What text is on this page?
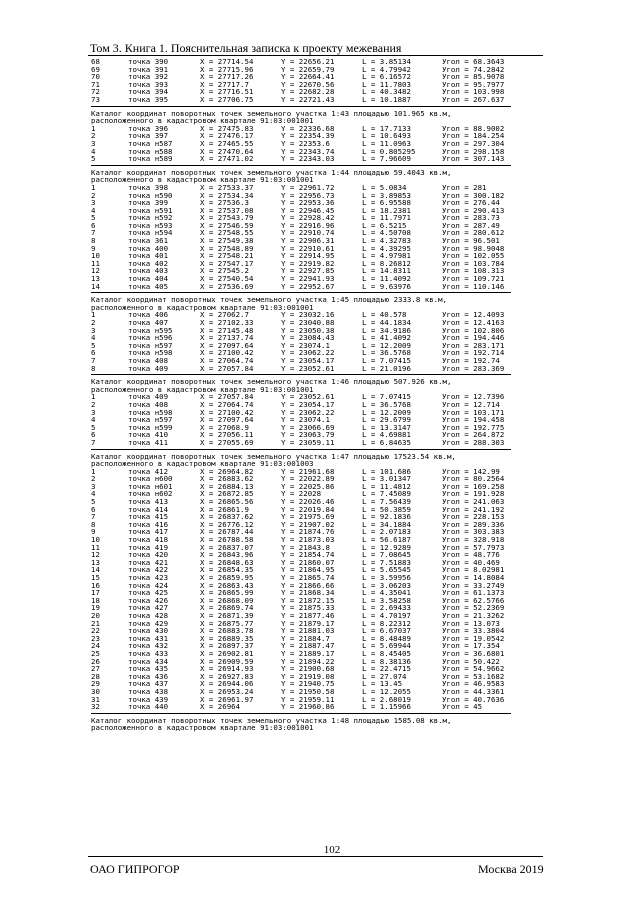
Том 3. Книга 1. Пояснительная записка к проекту межевания
68	точка 390	X = 27714.54	Y = 22656.21	L = 3.85134	Угол = 68.3643
69	точка 391	X = 27715.96	Y = 22659.79	L = 4.79942	Угол = 74.2842
70	точка 392	X = 27717.26	Y = 22664.41	L = 6.16572	Угол = 85.9078
71	точка 393	X = 27717.7	Y = 22670.56	L = 11.7803	Угол = 95.7977
72	точка 394	X = 27716.51	Y = 22682.28	L = 40.3482	Угол = 103.998
73	точка 395	X = 27706.75	Y = 22721.43	L = 10.1887	Угол = 267.637
Каталог координат поворотных точек земельного участка 1:43 площадью 101.965 кв.м,
расположенного в кадастровом квартале 91:03:001001
1	точка 396	X = 27475.83	Y = 22336.68	L = 17.7133	Угол = 88.9002
2	точка 397	X = 27476.17	Y = 22354.39	L = 10.6493	Угол = 184.254
3	точка н587	X = 27465.55	Y = 22353.6	L = 11.0963	Угол = 297.304
4	точка н588	X = 27470.64	Y = 22343.74	L = 0.805295	Угол = 298.158
5	точка н589	X = 27471.02	Y = 22343.03	L = 7.96609	Угол = 307.143
Каталог координат поворотных точек земельного участка 1:44 площадью 59.4043 кв.м,
расположенного в кадастровом квартале 91:03:001001
1	точка 398	X = 27533.37	Y = 22961.72	L = 5.0834	Угол = 281
2	точка н590	X = 27534.34	Y = 22956.73	L = 3.89853	Угол = 300.182
3	точка 399	X = 27536.3	Y = 22953.36	L = 6.95588	Угол = 276.44
4	точка н591	X = 27537.08	Y = 22946.45	L = 18.2381	Угол = 290.413
5	точка н592	X = 27543.79	Y = 22928.42	L = 11.7971	Угол = 283.73
6	точка н593	X = 27546.59	Y = 22916.96	L = 6.5215	Угол = 287.49
7	точка н594	X = 27548.55	Y = 22910.74	L = 4.50708	Угол = 280.612
8	точка 361	X = 27549.38	Y = 22906.31	L = 4.32783	Угол = 96.501
9	точка 400	X = 27548.89	Y = 22910.61	L = 4.39295	Угол = 98.9048
10	точка 401	X = 27548.21	Y = 22914.95	L = 4.97981	Угол = 102.055
11	точка 402	X = 27547.17	Y = 22919.82	L = 8.26812	Угол = 103.784
12	точка 403	X = 27545.2	Y = 22927.85	L = 14.8311	Угол = 108.313
13	точка 404	X = 27540.54	Y = 22941.93	L = 11.4092	Угол = 109.721
14	точка 405	X = 27536.69	Y = 22952.67	L = 9.63976	Угол = 110.146
Каталог координат поворотных точек земельного участка 1:45 площадью 2333.8 кв.м,
расположенного в кадастровом квартале 91:03:001001
1	точка 406	X = 27062.7	Y = 23032.16	L = 40.578	Угол = 12.4093
2	точка 407	X = 27102.33	Y = 23040.88	L = 44.1834	Угол = 12.4163
3	точка н595	X = 27145.48	Y = 23050.38	L = 34.9186	Угол = 102.806
4	точка н596	X = 27137.74	Y = 23084.43	L = 41.4092	Угол = 194.446
5	точка н597	X = 27097.64	Y = 23074.1	L = 12.2009	Угол = 283.171
6	точка н598	X = 27100.42	Y = 23062.22	L = 36.5768	Угол = 192.714
7	точка 408	X = 27064.74	Y = 23054.17	L = 7.07415	Угол = 192.74
8	точка 409	X = 27057.84	Y = 23052.61	L = 21.0196	Угол = 283.369
Каталог координат поворотных точек земельного участка 1:46 площадью 507.926 кв.м,
расположенного в кадастровом квартале 91:03:001001
1	точка 409	X = 27057.84	Y = 23052.61	L = 7.07415	Угол = 12.7396
2	точка 408	X = 27064.74	Y = 23054.17	L = 36.5768	Угол = 12.714
3	точка н598	X = 27100.42	Y = 23062.22	L = 12.2009	Угол = 103.171
4	точка н597	X = 27097.64	Y = 23074.1	L = 29.6799	Угол = 194.458
5	точка н599	X = 27068.9	Y = 23066.69	L = 13.3147	Угол = 192.775
6	точка 410	X = 27056.11	Y = 23063.79	L = 4.69881	Угол = 264.872
7	точка 411	X = 27055.69	Y = 23059.11	L = 6.84635	Угол = 288.303
Каталог координат поворотных точек земельного участка 1:47 площадью 17523.54 кв.м,
расположенного в кадастровом квартале 91:03:001003
1	точка 412	X = 26964.82	Y = 21961.68	L = 101.686	Угол = 142.99
2	точка н600	X = 26883.62	Y = 22022.89	L = 3.01347	Угол = 80.2564
3	точка н601	X = 26884.13	Y = 22025.86	L = 11.4812	Угол = 169.258
4	точка н602	X = 26872.85	Y = 22028	L = 7.45089	Угол = 191.928
5	точка 413	X = 26865.56	Y = 22026.46	L = 7.56439	Угол = 241.063
6	точка 414	X = 26861.9	Y = 22019.84	L = 50.3859	Угол = 241.192
7	точка 415	X = 26837.62	Y = 21975.69	L = 92.1836	Угол = 228.153
8	точка 416	X = 26776.12	Y = 21907.02	L = 34.1884	Угол = 289.336
9	точка 417	X = 26787.44	Y = 21874.76	L = 2.07183	Угол = 303.383
10	точка 418	X = 26788.58	Y = 21873.03	L = 56.6187	Угол = 328.918
11	точка 419	X = 26837.07	Y = 21843.8	L = 12.9289	Угол = 57.7973
12	точка 420	X = 26843.96	Y = 21854.74	L = 7.08645	Угол = 48.776
13	точка 421	X = 26848.63	Y = 21860.07	L = 7.51883	Угол = 40.469
14	точка 422	X = 26854.35	Y = 21864.95	L = 5.65545	Угол = 8.02981
15	точка 423	X = 26859.95	Y = 21865.74	L = 3.59956	Угол = 14.8084
16	точка 424	X = 26863.43	Y = 21866.66	L = 3.06203	Угол = 33.2749
17	точка 425	X = 26865.99	Y = 21868.34	L = 4.35041	Угол = 61.1373
18	точка 426	X = 26868.09	Y = 21872.15	L = 3.58258	Угол = 62.5766
19	точка 427	X = 26869.74	Y = 21875.33	L = 2.69433	Угол = 52.2369
20	точка 428	X = 26871.39	Y = 21877.46	L = 4.70197	Угол = 21.3262
21	точка 429	X = 26875.77	Y = 21879.17	L = 8.22312	Угол = 13.073
22	точка 430	X = 26883.78	Y = 21881.03	L = 6.67037	Угол = 33.3804
23	точка 431	X = 26889.35	Y = 21884.7	L = 8.48489	Угол = 19.0542
24	точка 432	X = 26897.37	Y = 21887.47	L = 5.69944	Угол = 17.354
25	точка 433	X = 26902.81	Y = 21889.17	L = 8.45405	Угол = 36.6801
26	точка 434	X = 26909.59	Y = 21894.22	L = 8.38136	Угол = 50.422
27	точка 435	X = 26914.93	Y = 21900.68	L = 22.4715	Угол = 54.9662
28	точка 436	X = 26927.83	Y = 21919.08	L = 27.074	Угол = 53.1682
29	точка 437	X = 26944.06	Y = 21940.75	L = 13.45	Угол = 46.9583
30	точка 438	X = 26953.24	Y = 21950.58	L = 12.2055	Угол = 44.3361
31	точка 439	X = 26961.97	Y = 21959.11	L = 2.68019	Угол = 40.7636
32	точка 440	X = 26964	Y = 21960.86	L = 1.15966	Угол = 45
Каталог координат поворотных точек земельного участка 1:48 площадью 1585.08 кв.м,
расположенного в кадастровом квартале 91:03:001001
102
ОАО ГИПРОГОР	Москва 2019
